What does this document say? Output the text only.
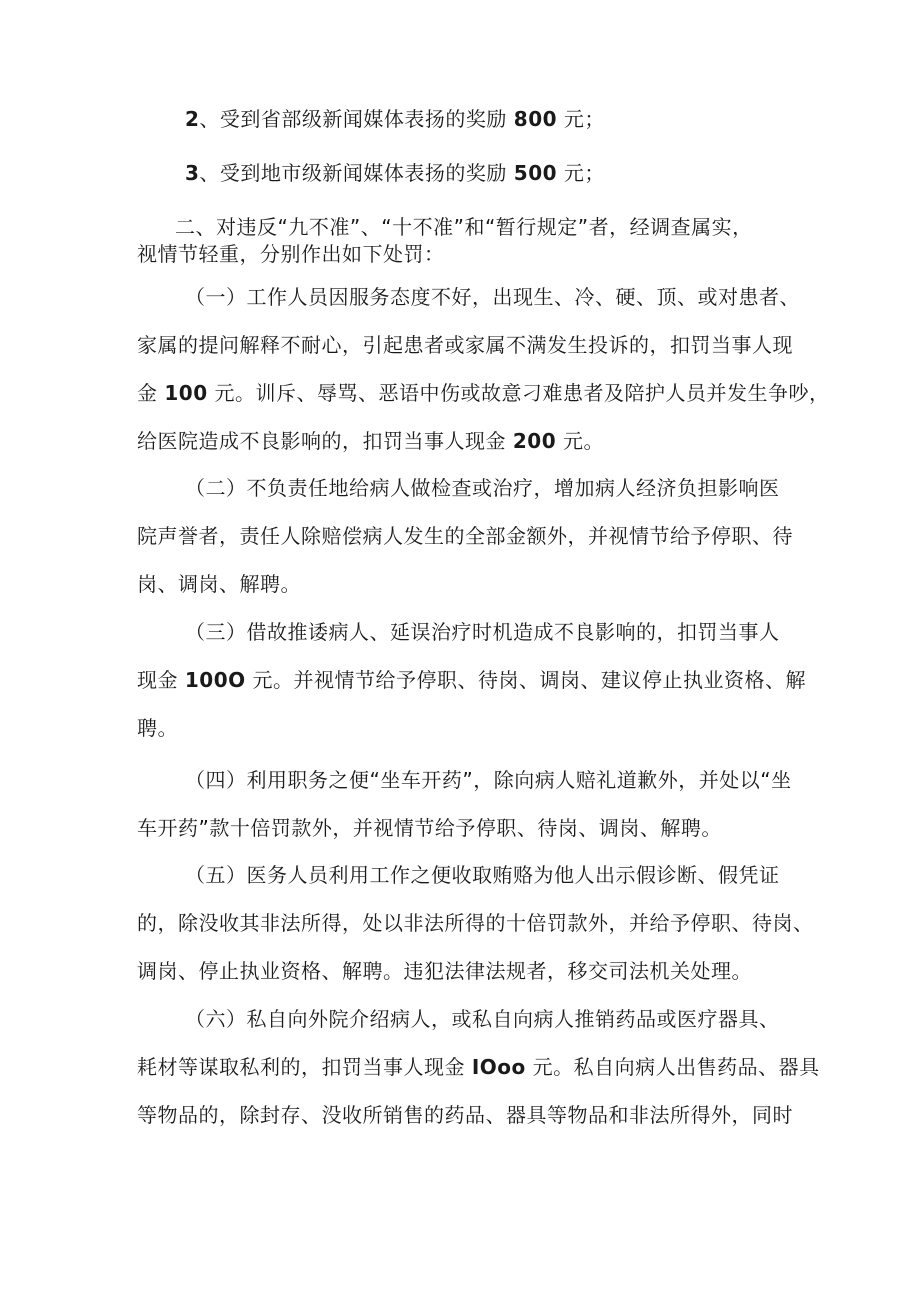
2、受到省部级新闻媒体表扬的奖励 800 元；
3、受到地市级新闻媒体表扬的奖励 500 元；
二、对违反“九不准”、“十不准”和“暂行规定”者，经调查属实，
视情节轻重，分别作出如下处罚：
（一）工作人员因服务态度不好，出现生、冷、硬、顶、或对患者、
家属的提问解释不耐心，引起患者或家属不满发生投诉的，扣罚当事人现
金 100 元。训斥、辱骂、恶语中伤或故意刁难患者及陪护人员并发生争吵，
给医院造成不良影响的，扣罚当事人现金 200 元。
（二）不负责任地给病人做检查或治疗，增加病人经济负担影响医
院声誉者，责任人除赔偿病人发生的全部金额外，并视情节给予停职、待
岗、调岗、解聘。
（三）借故推诿病人、延误治疗时机造成不良影响的，扣罚当事人
现金 100O 元。并视情节给予停职、待岗、调岗、建议停止执业资格、解
聘。
（四）利用职务之便“坐车开药”，除向病人赔礼道歉外，并处以“坐
车开药”款十倍罚款外，并视情节给予停职、待岗、调岗、解聘。
（五）医务人员利用工作之便收取贿赂为他人出示假诊断、假凭证
的，除没收其非法所得，处以非法所得的十倍罚款外，并给予停职、待岗、
调岗、停止执业资格、解聘。违犯法律法规者，移交司法机关处理。
（六）私自向外院介绍病人，或私自向病人推销药品或医疗器具、
耗材等谋取私利的，扣罚当事人现金 IOoo 元。私自向病人出售药品、器具
等物品的，除封存、没收所销售的药品、器具等物品和非法所得外，同时
